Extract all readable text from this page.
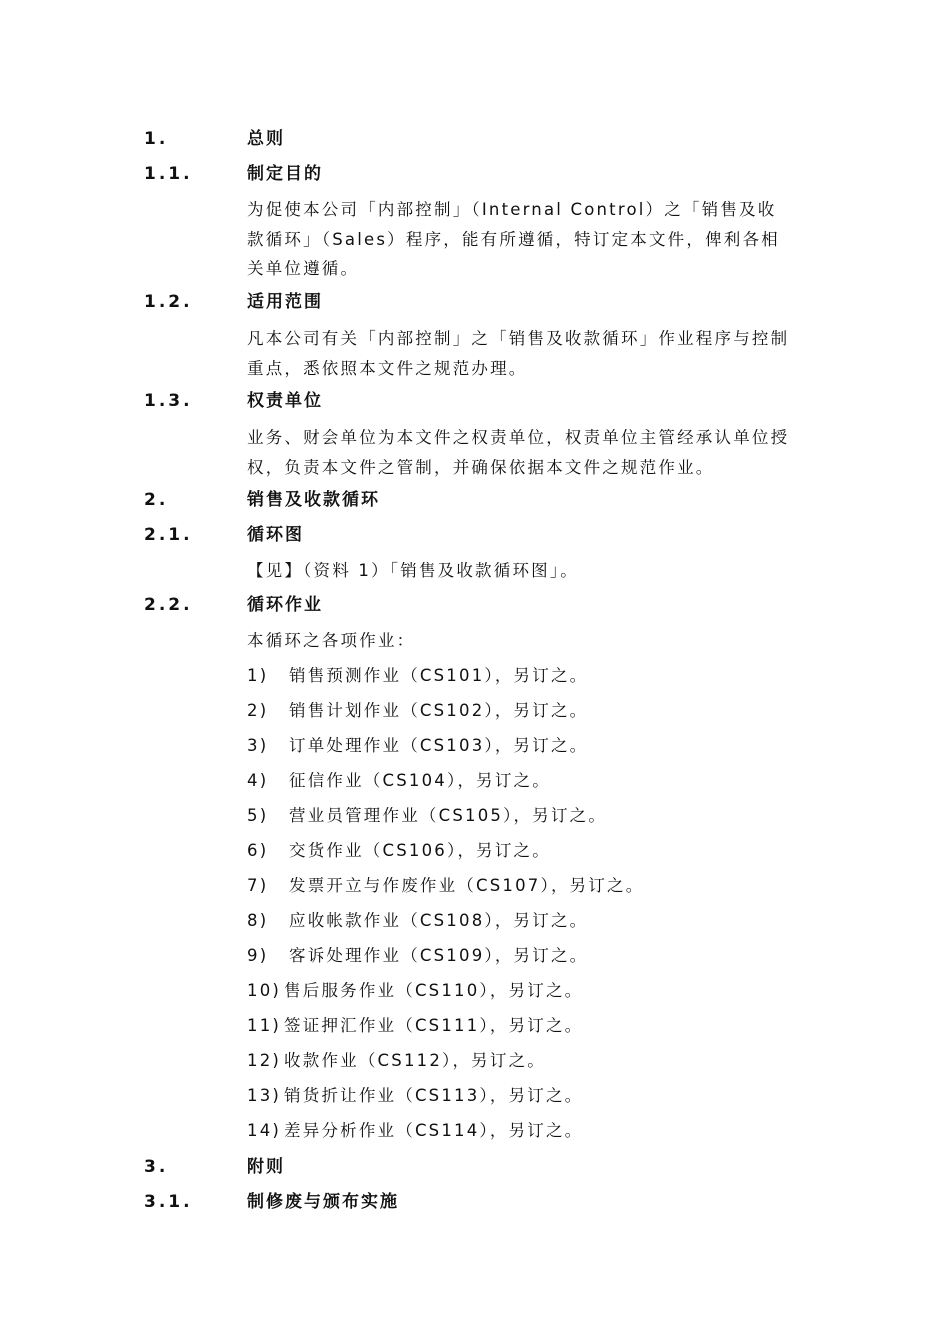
1.	总则
1.1.	制定目的
为促使本公司「内部控制」（Internal Control）之「销售及收
款循环」（Sales）程序，能有所遵循，特订定本文件，俾利各相
关单位遵循。
1.2.	适用范围
凡本公司有关「内部控制」之「销售及收款循环」作业程序与控制
重点，悉依照本文件之规范办理。
1.3.	权责单位
业务、财会单位为本文件之权责单位，权责单位主管经承认单位授
权，负责本文件之管制，并确保依据本文件之规范作业。
2.	销售及收款循环
2.1.	循环图
【见】（资料 1）「销售及收款循环图」。
2.2.	循环作业
本循环之各项作业：
1) 销售预测作业（CS101），另订之。
2) 销售计划作业（CS102），另订之。
3) 订单处理作业（CS103），另订之。
4) 征信作业（CS104），另订之。
5) 营业员管理作业（CS105），另订之。
6) 交货作业（CS106），另订之。
7) 发票开立与作废作业（CS107），另订之。
8) 应收帐款作业（CS108），另订之。
9) 客诉处理作业（CS109），另订之。
10) 售后服务作业（CS110），另订之。
11) 签证押汇作业（CS111），另订之。
12) 收款作业（CS112），另订之。
13) 销货折让作业（CS113），另订之。
14) 差异分析作业（CS114），另订之。
3.	附则
3.1.	制修废与颁布实施
